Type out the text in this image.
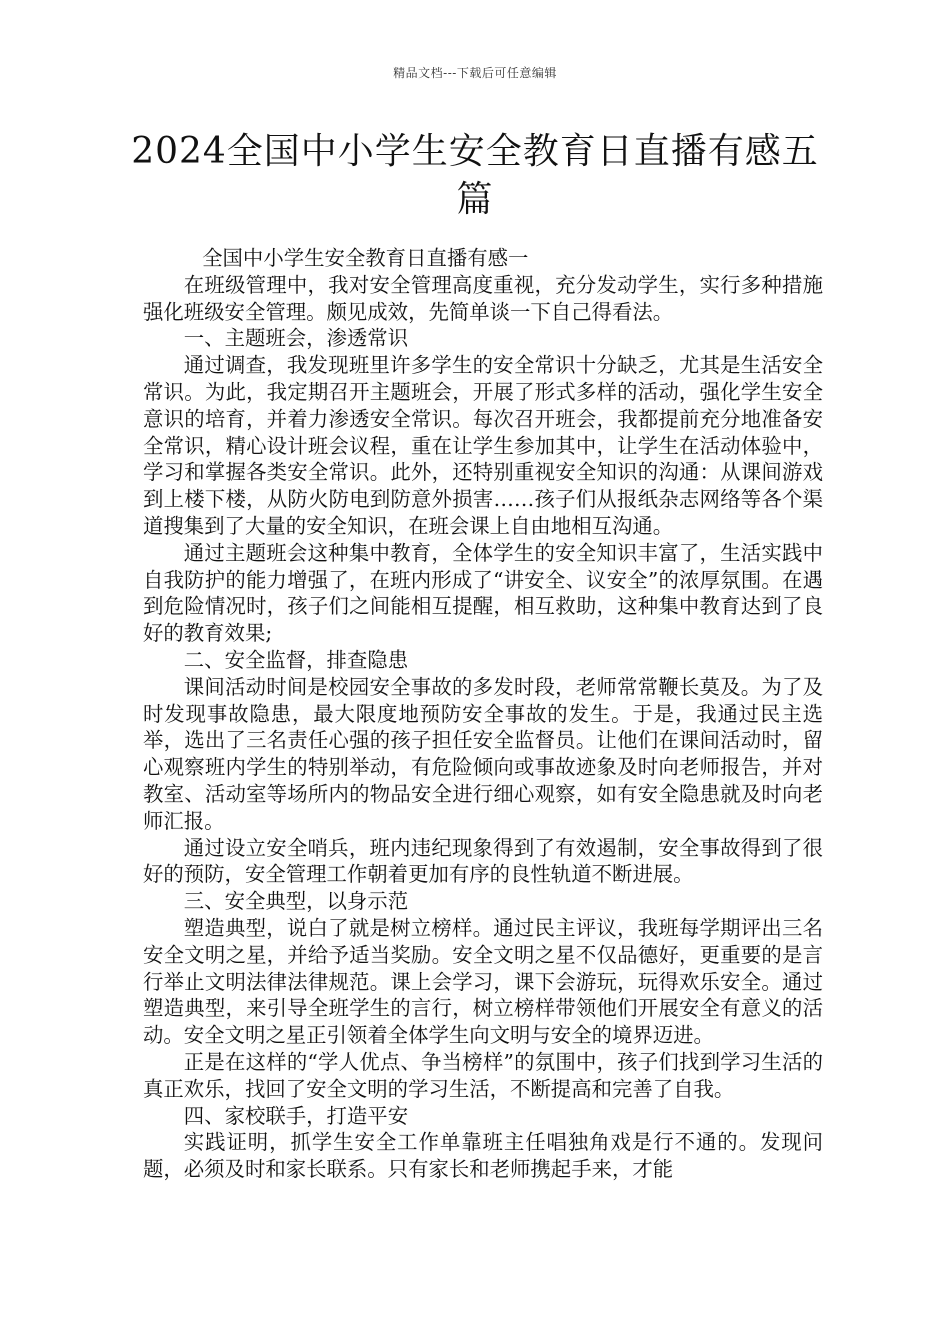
精品文档---下载后可任意编辑
2024全国中小学生安全教育日直播有感五篇

全国中小学生安全教育日直播有感一

在班级管理中，我对安全管理高度重视，充分发动学生，实行多种措施强化班级安全管理。颇见成效，先简单谈一下自己得看法。

一、主题班会，渗透常识

通过调查，我发现班里许多学生的安全常识十分缺乏，尤其是生活安全常识。为此，我定期召开主题班会，开展了形式多样的活动，强化学生安全意识的培育，并着力渗透安全常识。每次召开班会，我都提前充分地准备安全常识，精心设计班会议程，重在让学生参加其中，让学生在活动体验中，学习和掌握各类安全常识。此外，还特别重视安全知识的沟通：从课间游戏到上楼下楼，从防火防电到防意外损害……孩子们从报纸杂志网络等各个渠道搜集到了大量的安全知识，在班会课上自由地相互沟通。

通过主题班会这种集中教育，全体学生的安全知识丰富了，生活实践中自我防护的能力增强了，在班内形成了“讲安全、议安全”的浓厚氛围。在遇到危险情况时，孩子们之间能相互提醒，相互救助，这种集中教育达到了良好的教育效果;

二、安全监督，排查隐患

课间活动时间是校园安全事故的多发时段，老师常常鞭长莫及。为了及时发现事故隐患，最大限度地预防安全事故的发生。于是，我通过民主选举，选出了三名责任心强的孩子担任安全监督员。让他们在课间活动时，留心观察班内学生的特别举动，有危险倾向或事故迹象及时向老师报告，并对教室、活动室等场所内的物品安全进行细心观察，如有安全隐患就及时向老师汇报。

通过设立安全哨兵，班内违纪现象得到了有效遏制，安全事故得到了很好的预防，安全管理工作朝着更加有序的良性轨道不断进展。

三、安全典型，以身示范

塑造典型，说白了就是树立榜样。通过民主评议，我班每学期评出三名安全文明之星，并给予适当奖励。安全文明之星不仅品德好，更重要的是言行举止文明法律法律规范。课上会学习，课下会游玩，玩得欢乐安全。通过塑造典型，来引导全班学生的言行，树立榜样带领他们开展安全有意义的活动。安全文明之星正引领着全体学生向文明与安全的境界迈进。

正是在这样的“学人优点、争当榜样”的氛围中，孩子们找到学习生活的真正欢乐，找回了安全文明的学习生活，不断提高和完善了自我。

四、家校联手，打造平安

实践证明，抓学生安全工作单靠班主任唱独角戏是行不通的。发现问题，必须及时和家长联系。只有家长和老师携起手来，才能
